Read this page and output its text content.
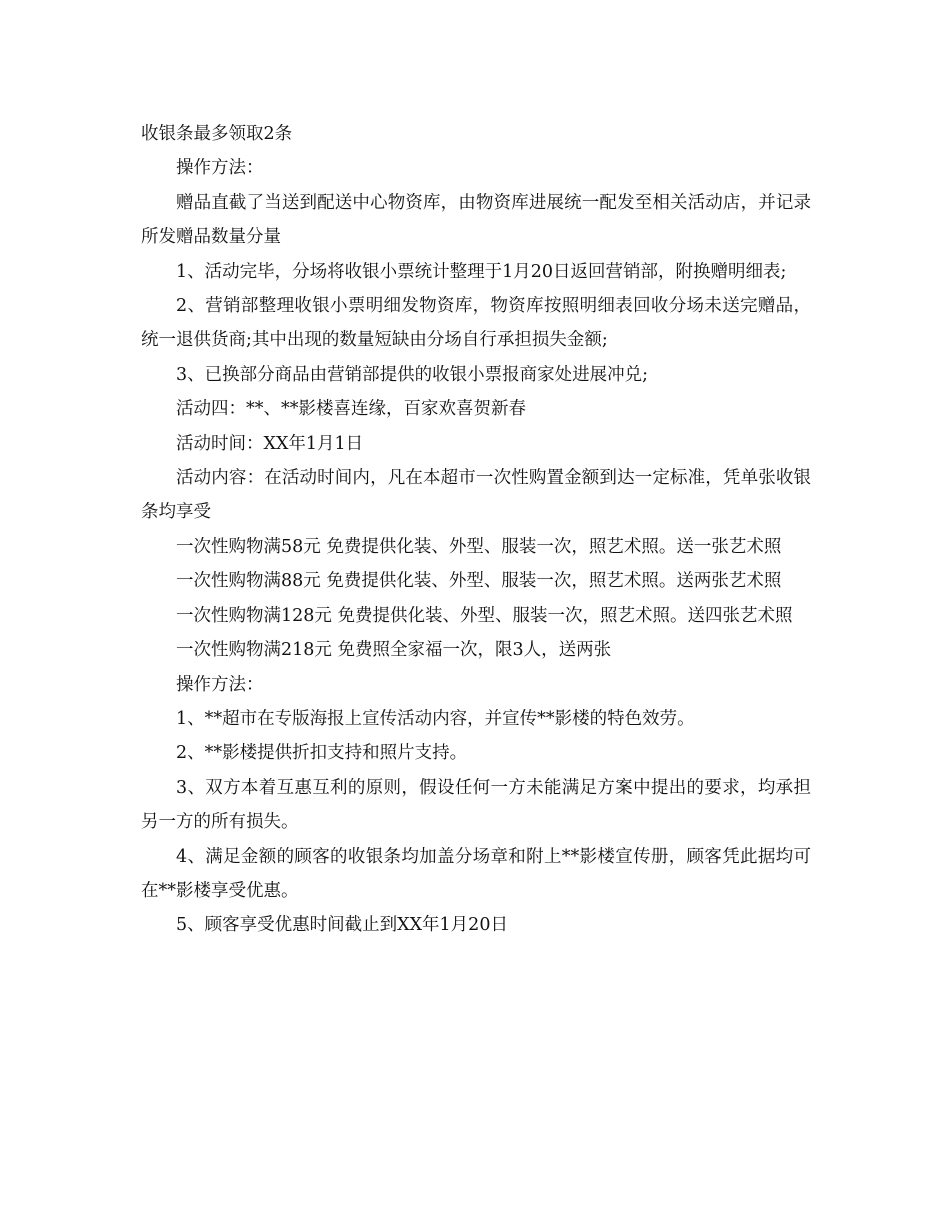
收银条最多领取2条

操作方法：

赠品直截了当送到配送中心物资库，由物资库进展统一配发至相关活动店，并记录所发赠品数量分量

1、活动完毕，分场将收银小票统计整理于1月20日返回营销部，附换赠明细表;

2、营销部整理收银小票明细发物资库，物资库按照明细表回收分场未送完赠品，统一退供货商;其中出现的数量短缺由分场自行承担损失金额;

3、已换部分商品由营销部提供的收银小票报商家处进展冲兑;

活动四：**、**影楼喜连缘，百家欢喜贺新春

活动时间：XX年1月1日

活动内容：在活动时间内，凡在本超市一次性购置金额到达一定标准，凭单张收银条均享受

一次性购物满58元 免费提供化装、外型、服装一次，照艺术照。送一张艺术照

一次性购物满88元 免费提供化装、外型、服装一次，照艺术照。送两张艺术照

一次性购物满128元 免费提供化装、外型、服装一次，照艺术照。送四张艺术照

一次性购物满218元 免费照全家福一次，限3人，送两张

操作方法：

1、**超市在专版海报上宣传活动内容，并宣传**影楼的特色效劳。

2、**影楼提供折扣支持和照片支持。

3、双方本着互惠互利的原则，假设任何一方未能满足方案中提出的要求，均承担另一方的所有损失。

4、满足金额的顾客的收银条均加盖分场章和附上**影楼宣传册，顾客凭此据均可在**影楼享受优惠。

5、顾客享受优惠时间截止到XX年1月20日
